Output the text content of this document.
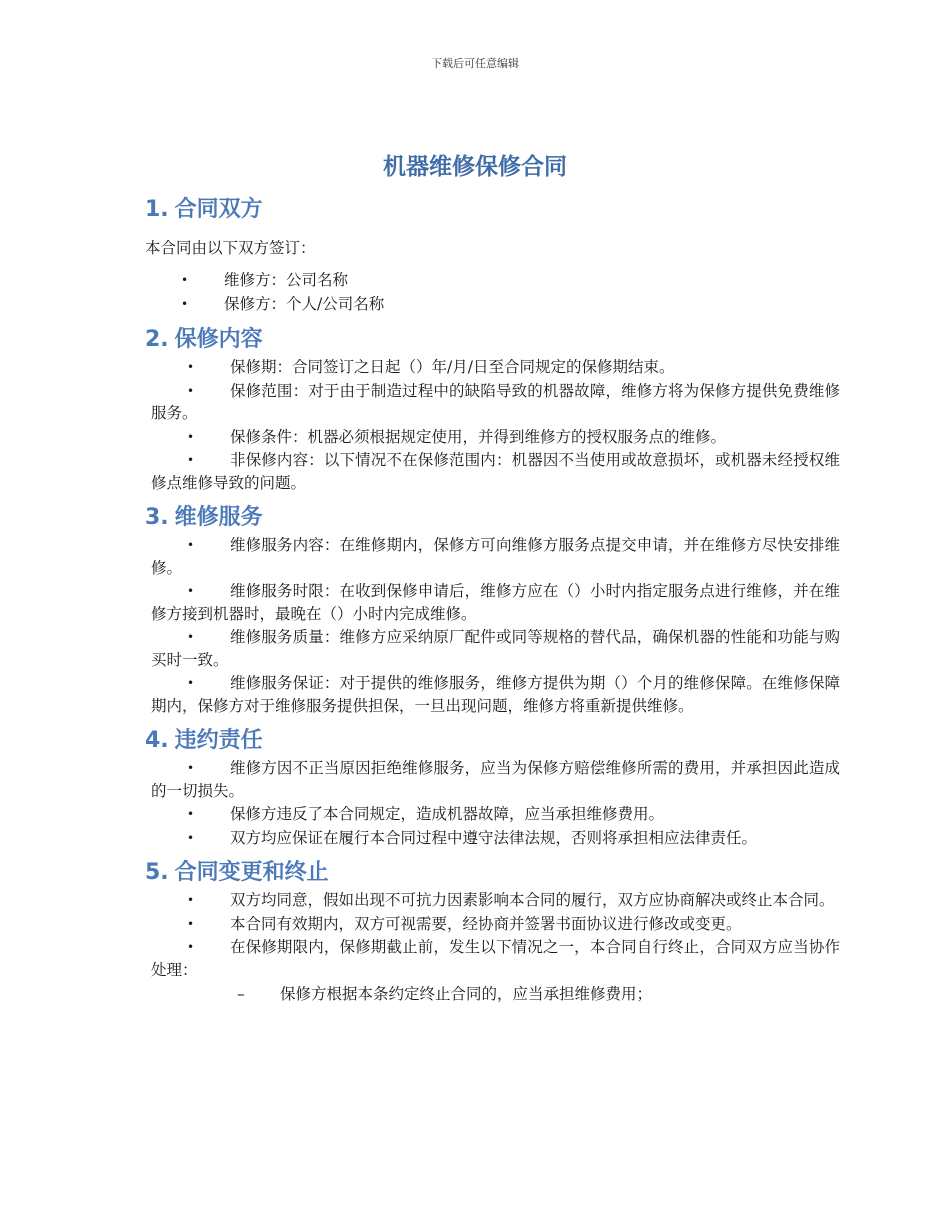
下载后可任意编辑
机器维修保修合同
1. 合同双方
本合同由以下双方签订：
• 维修方：公司名称
• 保修方：个人/公司名称
2. 保修内容
• 保修期：合同签订之日起（）年/月/日至合同规定的保修期结束。
• 保修范围：对于由于制造过程中的缺陷导致的机器故障，维修方将为保修方提供免费维修服务。
• 保修条件：机器必须根据规定使用，并得到维修方的授权服务点的维修。
• 非保修内容：以下情况不在保修范围内：机器因不当使用或故意损坏，或机器未经授权维修点维修导致的问题。
3. 维修服务
• 维修服务内容：在维修期内，保修方可向维修方服务点提交申请，并在维修方尽快安排维修。
• 维修服务时限：在收到保修申请后，维修方应在（）小时内指定服务点进行维修，并在维修方接到机器时，最晚在（）小时内完成维修。
• 维修服务质量：维修方应采纳原厂配件或同等规格的替代品，确保机器的性能和功能与购买时一致。
• 维修服务保证：对于提供的维修服务，维修方提供为期（）个月的维修保障。在维修保障期内，保修方对于维修服务提供担保，一旦出现问题，维修方将重新提供维修。
4. 违约责任
• 维修方因不正当原因拒绝维修服务，应当为保修方赔偿维修所需的费用，并承担因此造成的一切损失。
• 保修方违反了本合同规定，造成机器故障，应当承担维修费用。
• 双方均应保证在履行本合同过程中遵守法律法规，否则将承担相应法律责任。
5. 合同变更和终止
• 双方均同意，假如出现不可抗力因素影响本合同的履行，双方应协商解决或终止本合同。
• 本合同有效期内，双方可视需要，经协商并签署书面协议进行修改或变更。
• 在保修期限内，保修期截止前，发生以下情况之一，本合同自行终止，合同双方应当协作处理：
– 保修方根据本条约定终止合同的，应当承担维修费用；
